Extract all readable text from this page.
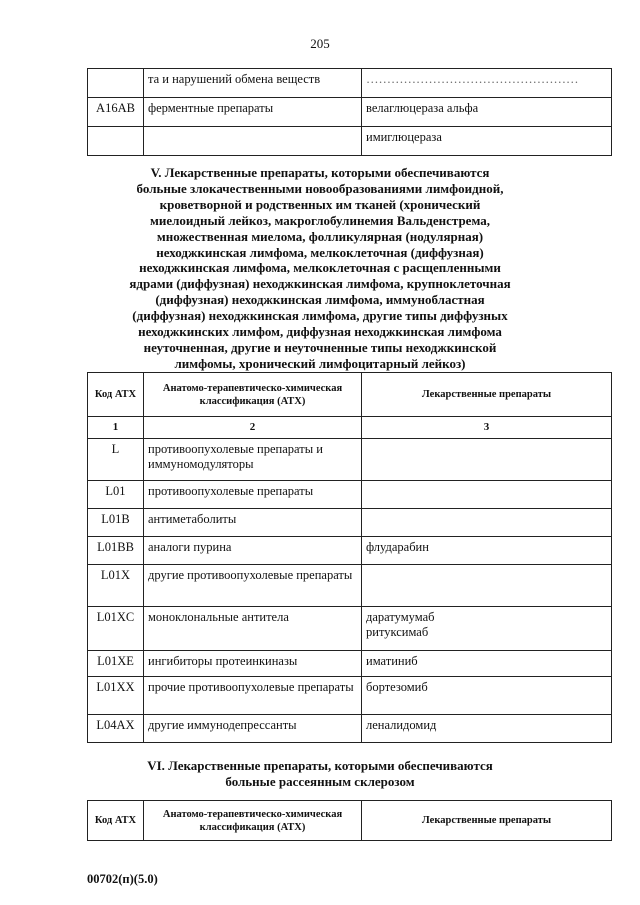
205
	та и нарушений обмена веществ	……………………………………………

A16AB	ферментные препараты	велаглюцераза альфа

		имиглюцераза
V. Лекарственные препараты, которыми обеспечиваются
больные злокачественными новообразованиями лимфоидной,
кроветворной и родственных им тканей (хронический
миелоидный лейкоз, макроглобулинемия Вальденстрема,
множественная миелома, фолликулярная (нодулярная)
неходжкинская лимфома, мелкоклеточная (диффузная)
неходжкинская лимфома, мелкоклеточная с расщепленными
ядрами (диффузная) неходжкинская лимфома, крупноклеточная
(диффузная) неходжкинская лимфома, иммунобластная
(диффузная) неходжкинская лимфома, другие типы диффузных
неходжкинских лимфом, диффузная неходжкинская лимфома
неуточненная, другие и неуточненные типы неходжкинской
лимфомы, хронический лимфоцитарный лейкоз)
Код АТХ	Анатомо-терапевтическо-химическая классификация (АТХ)	Лекарственные препараты
1	2	3
L	противоопухолевые препараты и иммуномодуляторы	
L01	противоопухолевые препараты	
L01B	антиметаболиты	
L01BB	аналоги пурина	флударабин

L01X	другие противоопухолевые препараты	
L01XC	моноклональные антитела	даратумумаб
ритуксимаб

L01XE	ингибиторы протеинкиназы	иматиниб

L01XX	прочие противоопухолевые препараты	бортезомиб

L04AX	другие иммунодепрессанты	леналидомид
VI. Лекарственные препараты, которыми обеспечиваются
больные рассеянным склерозом
Код АТХ	Анатомо-терапевтическо-химическая классификация (АТХ)	Лекарственные препараты
00702(п)(5.0)
